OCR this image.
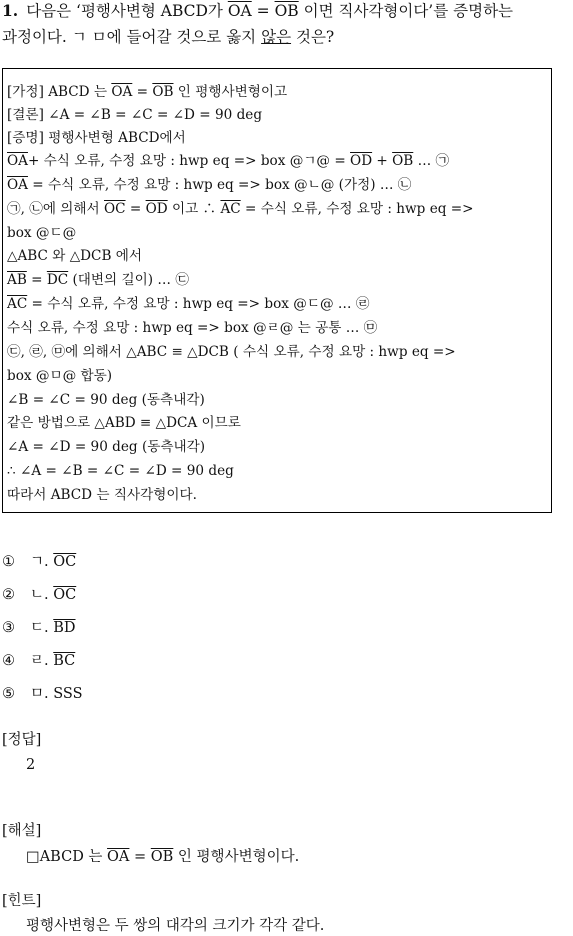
1. 다음은 ‘평행사변형 ABCD가 $\overline{OA} = \overline{OB}$ 이면 직사각형이다’를 증명하는
과정이다. ㄱ ㅁ에 들어갈 것으로 옳지 않은 것은?
[가정] ABCD 는 $\overline{OA} = \overline{OB}$ 인 평행사변형이고
[결론] ∠A = ∠B = ∠C = ∠D = 90 deg
[증명] 평행사변형 ABCD에서
$\overline{OA}+$ 수식 오류, 수정 요망 : hwp eq => box @ㄱ@ = $\overline{OD} + \overline{OB}$ … ㉠
$\overline{OA}$ = 수식 오류, 수정 요망 : hwp eq => box @ㄴ@ (가정) … ㉡
㉠, ㉡에 의해서 $\overline{OC} = \overline{OD}$ 이고 ∴ $\overline{AC}$ = 수식 오류, 수정 요망 : hwp eq =>
box @ㄷ@
△ABC 와 △DCB 에서
$\overline{AB} = \overline{DC}$ (대변의 길이) … ㉢
$\overline{AC}$ = 수식 오류, 수정 요망 : hwp eq => box @ㄷ@ … ㉣
수식 오류, 수정 요망 : hwp eq => box @ㄹ@ 는 공통 … ㉤
㉢, ㉣, ㉤에 의해서 △ABC ≡ △DCB ( 수식 오류, 수정 요망 : hwp eq =>
box @ㅁ@ 합동)
∠B = ∠C = 90 deg (동측내각)
같은 방법으로 △ABD ≡ △DCA 이므로
∠A = ∠D = 90 deg (동측내각)
∴ ∠A = ∠B = ∠C = ∠D = 90 deg
따라서 ABCD 는 직사각형이다.
① ㄱ. $\overline{OC}$
② ㄴ. $\overline{OC}$
③ ㄷ. $\overline{BD}$
④ ㄹ. $\overline{BC}$
⑤ ㅁ. SSS
[정답]
2
[해설]
□ABCD 는 $\overline{OA} = \overline{OB}$ 인 평행사변형이다.
[힌트]
평행사변형은 두 쌍의 대각의 크기가 각각 같다.
